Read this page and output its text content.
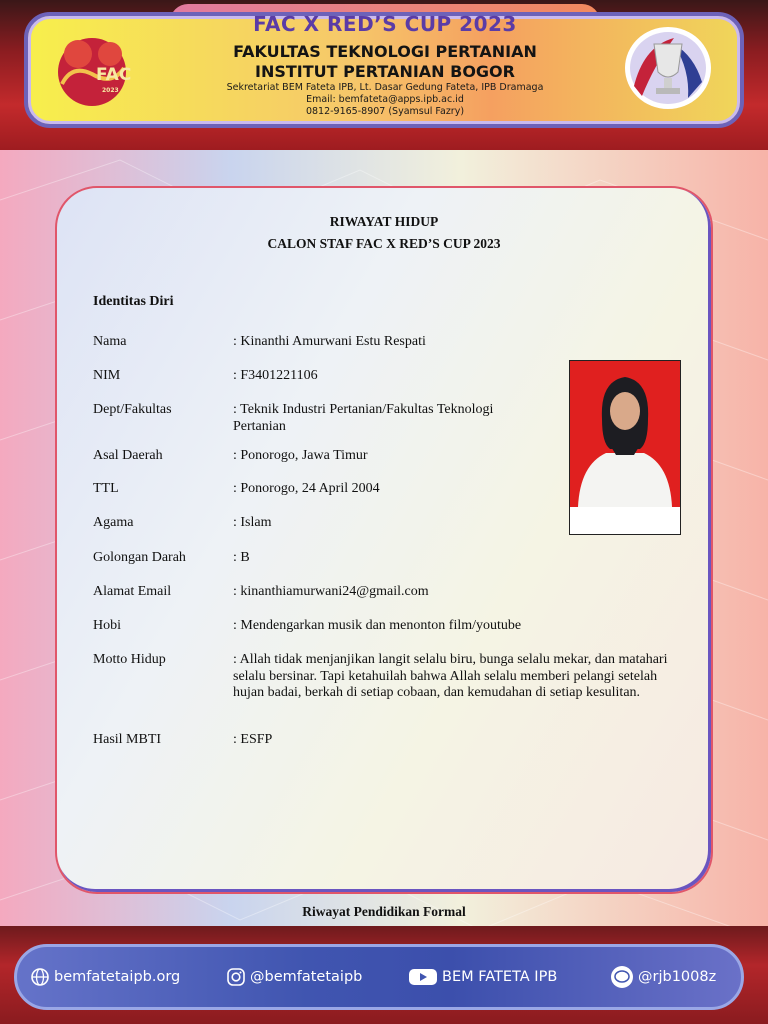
FAC X RED’S CUP 2023
FAC
2023
FAKULTAS TEKNOLOGI PERTANIAN
INSTITUT PERTANIAN BOGOR
Sekretariat BEM Fateta IPB, Lt. Dasar Gedung Fateta, IPB Dramaga
Email: bemfateta@apps.ipb.ac.id
0812-9165-8907 (Syamsul Fazry)
RIWAYAT HIDUP
CALON STAF FAC X RED’S CUP 2023
Identitas Diri
Nama	: Kinanthi Amurwani Estu Respati
NIM	: F3401221106
Dept/Fakultas	: Teknik Industri Pertanian/Fakultas Teknologi Pertanian
Asal Daerah	: Ponorogo, Jawa Timur
TTL	: Ponorogo, 24 April 2004
Agama	: Islam
Golongan Darah	: B
Alamat Email	: kinanthiamurwani24@gmail.com
Hobi	: Mendengarkan musik dan menonton film/youtube
Motto Hidup	: Allah tidak menjanjikan langit selalu biru, bunga selalu mekar, dan matahari selalu bersinar. Tapi ketahuilah bahwa Allah selalu memberi pelangi setelah hujan badai, berkah di setiap cobaan, dan kemudahan di setiap kesulitan.
Hasil MBTI	: ESFP
Riwayat Pendidikan Formal
bemfatetaipb.org	@bemfatetaipb	BEM FATETA IPB	@rjb1008z
